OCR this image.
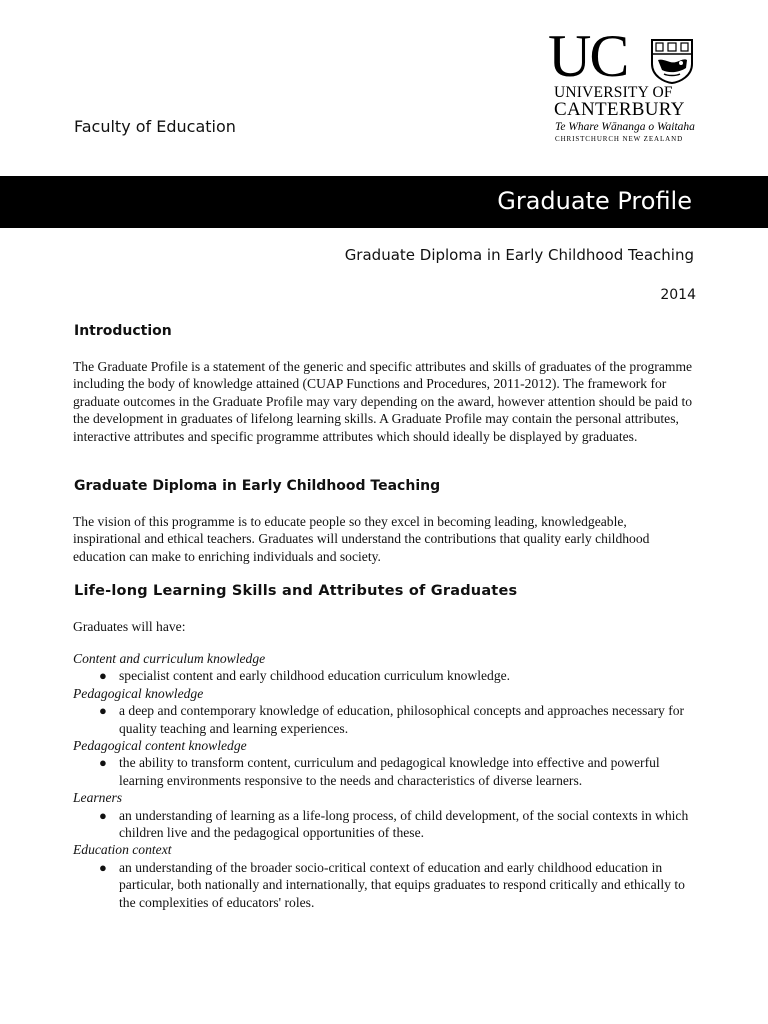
Faculty of Education
UC
UNIVERSITY OF
CANTERBURY
Te Whare Wānanga o Waitaha
CHRISTCHURCH NEW ZEALAND
Graduate Profile
Graduate Diploma in Early Childhood Teaching
2014
Introduction

The Graduate Profile is a statement of the generic and specific attributes and skills of graduates of the programme including the body of knowledge attained (CUAP Functions and Procedures, 2011-2012). The framework for graduate outcomes in the Graduate Profile may vary depending on the award, however attention should be paid to the development in graduates of lifelong learning skills. A Graduate Profile may contain the personal attributes, interactive attributes and specific programme attributes which should ideally be displayed by graduates.

Graduate Diploma in Early Childhood Teaching

The vision of this programme is to educate people so they excel in becoming leading, knowledgeable, inspirational and ethical teachers. Graduates will understand the contributions that quality early childhood education can make to enriching individuals and society.

Life-long Learning Skills and Attributes of Graduates

Graduates will have:

Content and curriculum knowledge
● specialist content and early childhood education curriculum knowledge.
Pedagogical knowledge
● a deep and contemporary knowledge of education, philosophical concepts and approaches necessary for quality teaching and learning experiences.
Pedagogical content knowledge
● the ability to transform content, curriculum and pedagogical knowledge into effective and powerful learning environments responsive to the needs and characteristics of diverse learners.
Learners
● an understanding of learning as a life-long process, of child development, of the social contexts in which children live and the pedagogical opportunities of these.
Education context
● an understanding of the broader socio-critical context of education and early childhood education in particular, both nationally and internationally, that equips graduates to respond critically and ethically to the complexities of educators' roles.
